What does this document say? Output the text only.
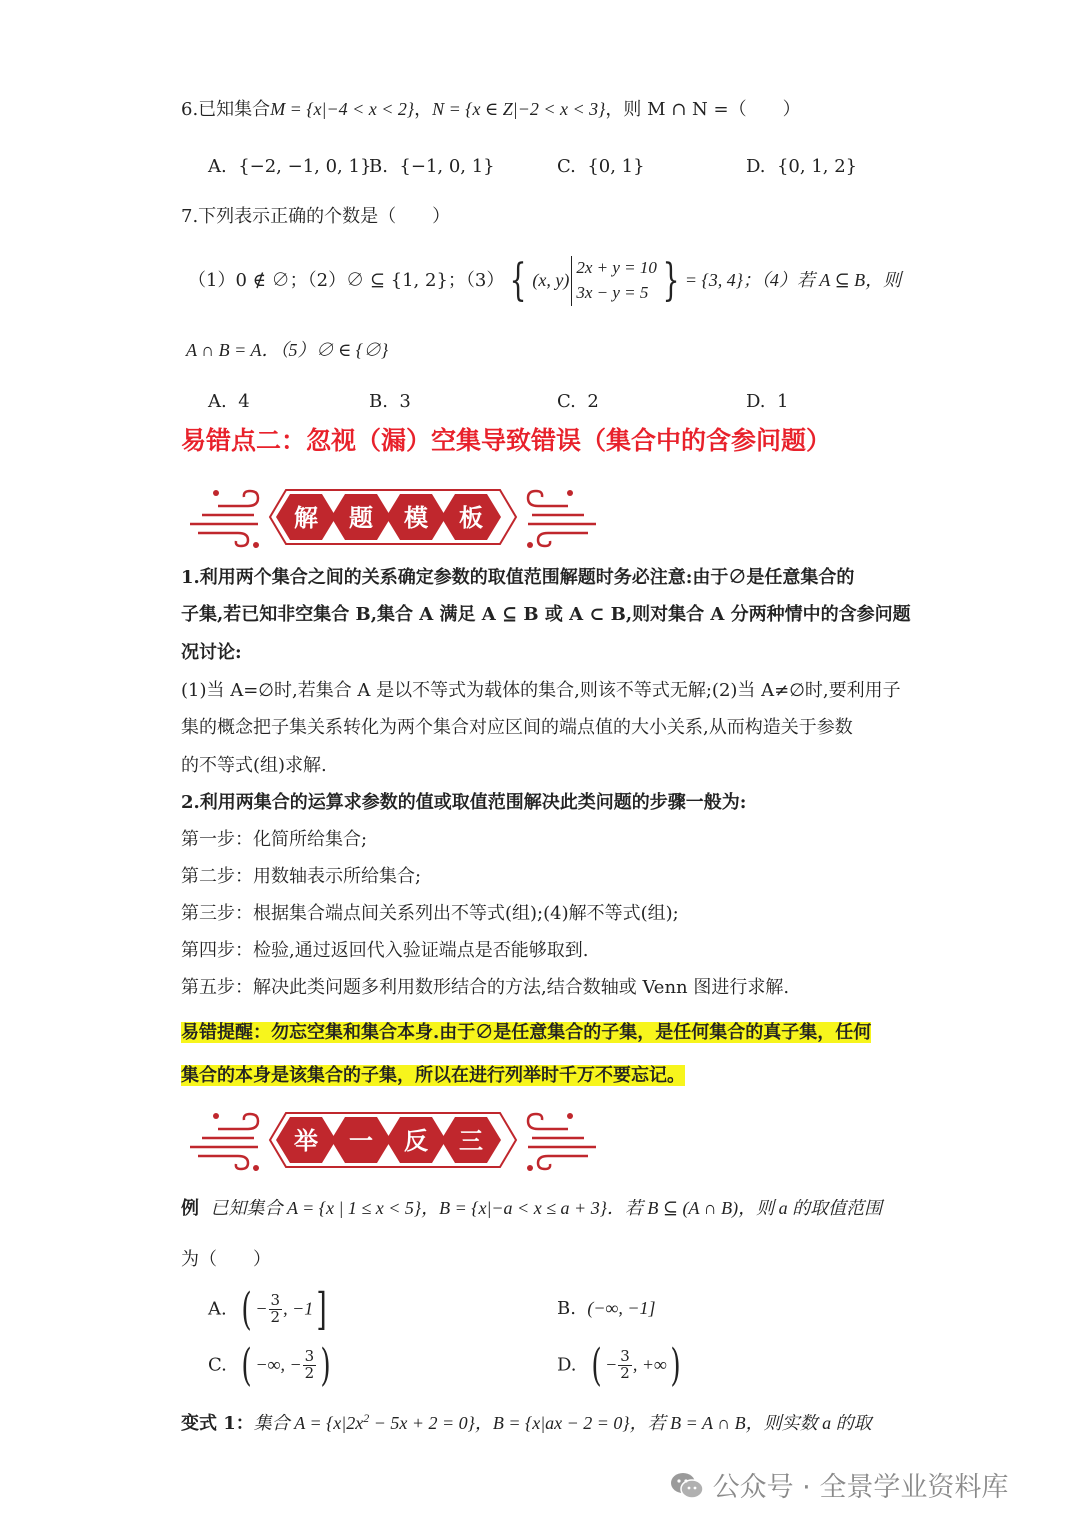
6.已知集合M = {x|−4 < x < 2}，N = {x ∈ Z|−2 < x < 3}，则 M ∩ N =（　　）
A. {−2, −1, 0, 1}
B. {−1, 0, 1}	C. {0, 1}	D. {0, 1, 2}
7.下列表示正确的个数是（　　）
（1）0 ∉ ∅；（2）∅ ⊆ {1, 2}；（3） { (x, y)
2x + y = 10
3x − y = 5 } = {3, 4}；（4）若 A ⊆ B，则
A ∩ B = A．（5）∅ ∈ {∅}
A. 4	B. 3	C. 2	D. 1
易错点二：忽视（漏）空集导致错误（集合中的含参问题）
解 题 模 板
1.利用两个集合之间的关系确定参数的取值范围解题时务必注意:由于∅是任意集合的
子集,若已知非空集合 B,集合 A 满足 A ⊆ B 或 A ⊂ B,则对集合 A 分两种情中的含参问题
况讨论:
(1)当 A=∅时,若集合 A 是以不等式为载体的集合,则该不等式无解;(2)当 A≠∅时,要利用子
集的概念把子集关系转化为两个集合对应区间的端点值的大小关系,从而构造关于参数
的不等式(组)求解.
2.利用两集合的运算求参数的值或取值范围解决此类问题的步骤一般为:
第一步：化简所给集合;
第二步：用数轴表示所给集合;
第三步：根据集合端点间关系列出不等式(组);(4)解不等式(组);
第四步：检验,通过返回代入验证端点是否能够取到.
第五步：解决此类问题多利用数形结合的方法,结合数轴或 Venn 图进行求解.
易错提醒：勿忘空集和集合本身.由于∅是任意集合的子集，是任何集合的真子集，任何
集合的本身是该集合的子集，所以在进行列举时千万不要忘记。
举 一 反 三
例 已知集合 A = {x | 1 ≤ x < 5}，B = {x|−a < x ≤ a + 3}．若 B ⊆ (A ∩ B)，则 a 的取值范围
为（　　）
A. ( − $\frac{3}{2}$ , −1]	B. (−∞, −1]
C. ( −∞, − $\frac{3}{2}$ )	D. ( − $\frac{3}{2}$ , +∞)
变式 1：集合 $A = \{x|2x^2 - 5x + 2 = 0\}$，B = {x|ax − 2 = 0}，若 B = A ∩ B，则实数 a 的取
公众号 · 全景学业资料库
